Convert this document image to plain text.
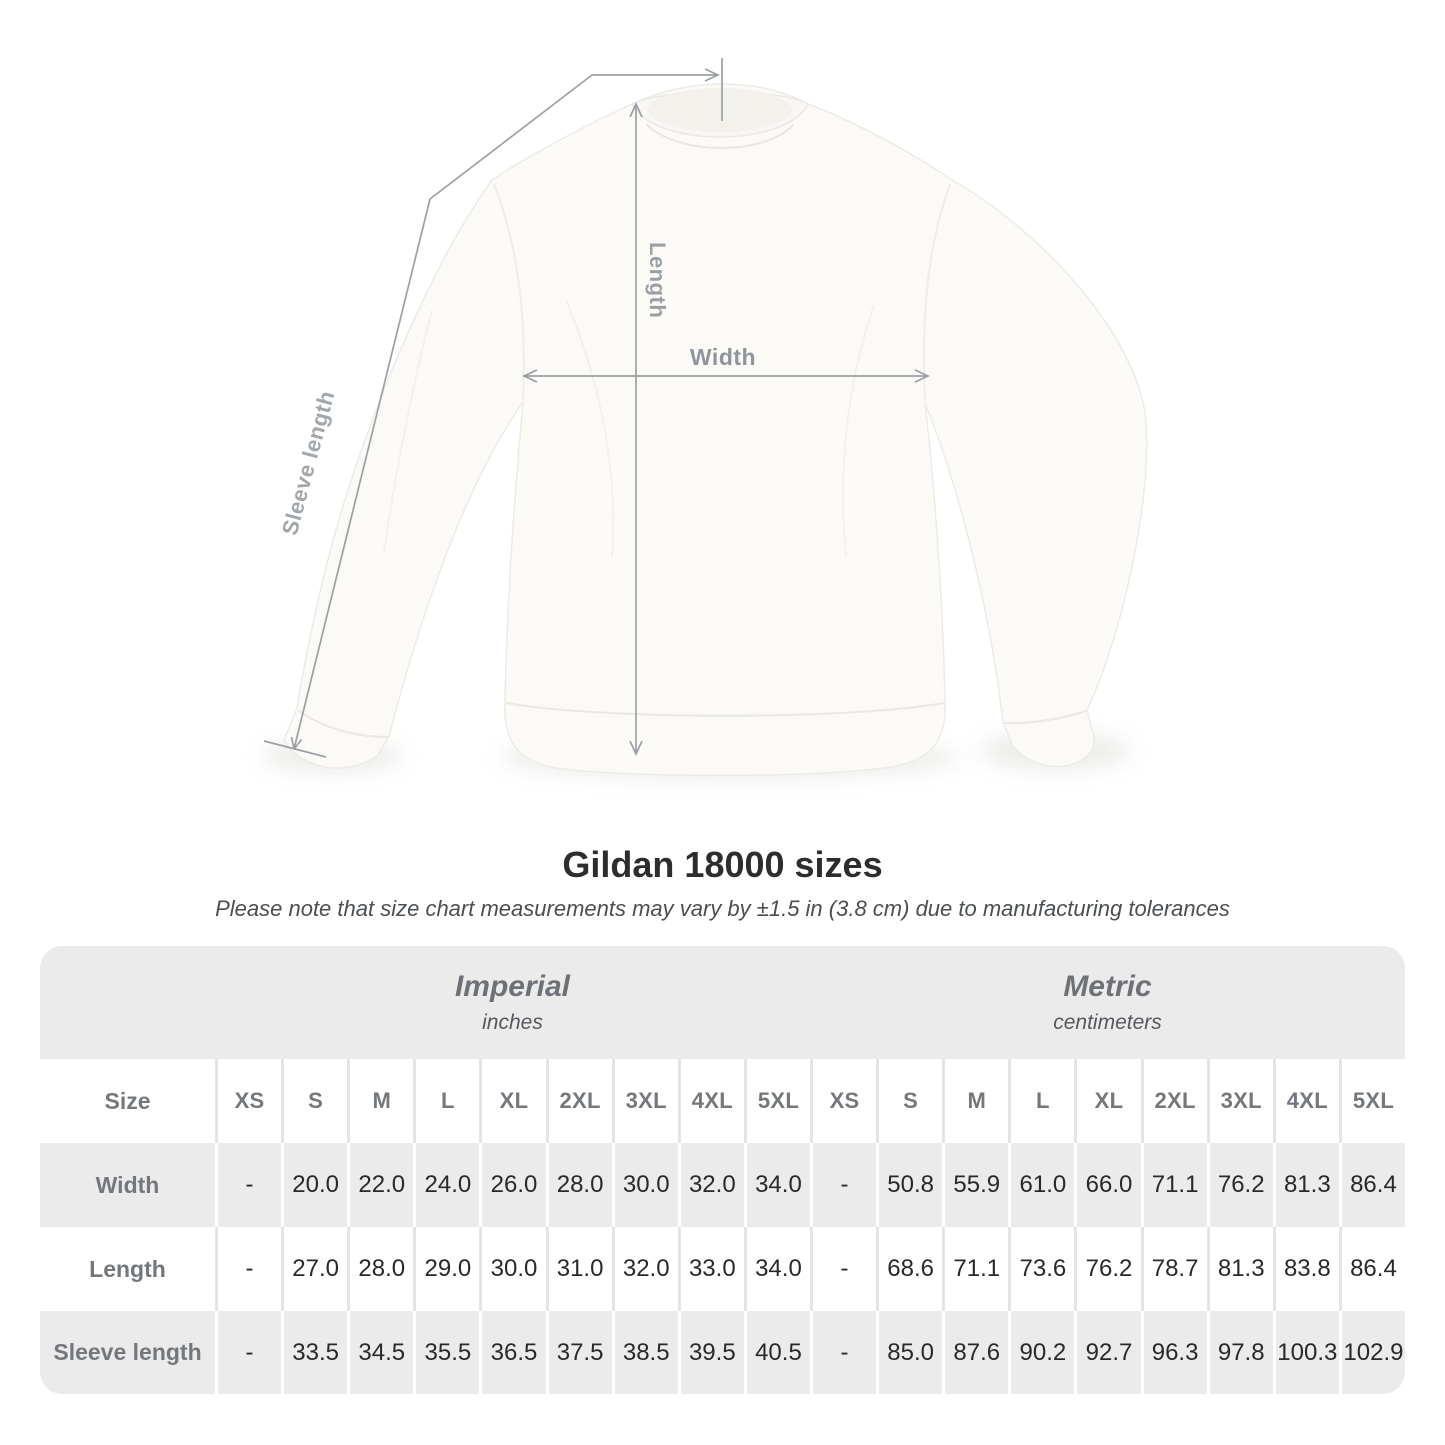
Length
Width
Sleeve length
Gildan 18000 sizes
Please note that size chart measurements may vary by ±1.5 in (3.8 cm) due to manufacturing tolerances
Imperial
inches
Metric
centimeters
Size	XS	S	M	L	XL	2XL	3XL	4XL	5XL	XS	S	M	L	XL	2XL	3XL	4XL	5XL
Width	-	20.0 22.0 24.0 26.0 28.0 30.0 32.0 34.0	-	50.8 55.9 61.0 66.0 71.1 76.2 81.3 86.4
Length	-	27.0 28.0 29.0 30.0 31.0 32.0 33.0 34.0	-	68.6 71.1 73.6 76.2 78.7 81.3 83.8 86.4
Sleeve length	-	33.5 34.5 35.5 36.5 37.5 38.5 39.5 40.5	-	85.0 87.6 90.2 92.7 96.3 97.8 100.3 102.9
